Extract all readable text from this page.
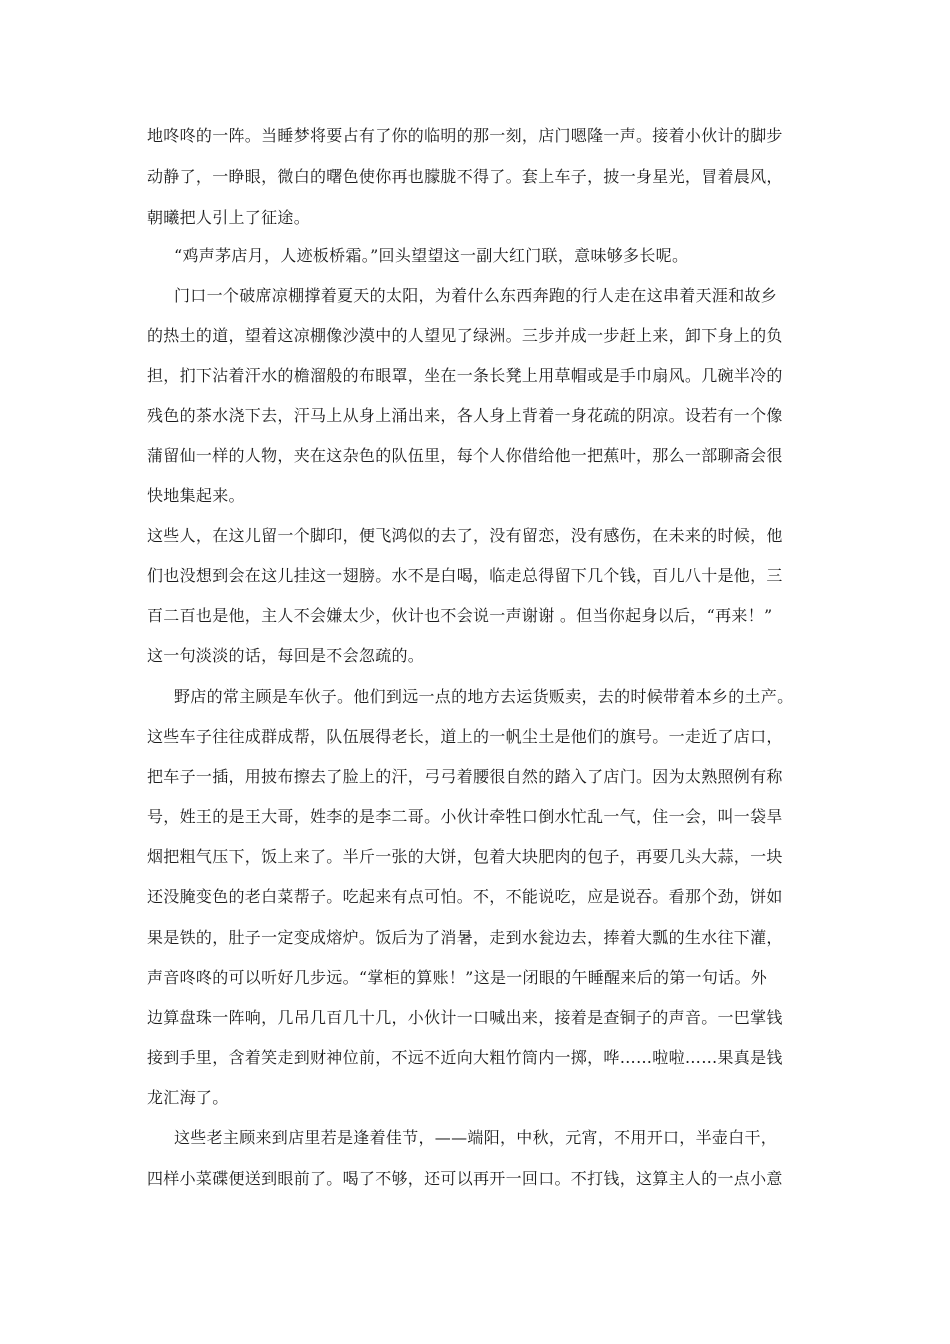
地咚咚的一阵。当睡梦将要占有了你的临明的那一刻，店门嗯隆一声。接着小伙计的脚步
动静了，一睁眼，微白的曙色使你再也朦胧不得了。套上车子，披一身星光，冒着晨风，
朝曦把人引上了征途。
“鸡声茅店月，人迹板桥霜。”回头望望这一副大红门联，意味够多长呢。
门口一个破席凉棚撑着夏天的太阳，为着什么东西奔跑的行人走在这串着天涯和故乡
的热土的道，望着这凉棚像沙漠中的人望见了绿洲。三步并成一步赶上来，卸下身上的负
担，扪下沾着汗水的檐溜般的布眼罩，坐在一条长凳上用草帽或是手巾扇风。几碗半冷的
残色的茶水浇下去，汗马上从身上涌出来，各人身上背着一身花疏的阴凉。设若有一个像
蒲留仙一样的人物，夹在这杂色的队伍里，每个人你借给他一把蕉叶，那么一部聊斋会很
快地集起来。
这些人，在这儿留一个脚印，便飞鸿似的去了，没有留恋，没有感伤，在未来的时候，他
们也没想到会在这儿挂这一翅膀。水不是白喝，临走总得留下几个钱，百儿八十是他，三
百二百也是他，主人不会嫌太少，伙计也不会说一声谢谢 。但当你起身以后，“再来！”
这一句淡淡的话，每回是不会忽疏的。
野店的常主顾是车伙子。他们到远一点的地方去运货贩卖，去的时候带着本乡的土产。
这些车子往往成群成帮，队伍展得老长，道上的一帆尘土是他们的旗号。一走近了店口，
把车子一插，用披布擦去了脸上的汗，弓弓着腰很自然的踏入了店门。因为太熟照例有称
号，姓王的是王大哥，姓李的是李二哥。小伙计牵牲口倒水忙乱一气，住一会，叫一袋旱
烟把粗气压下，饭上来了。半斤一张的大饼，包着大块肥肉的包子，再要几头大蒜，一块
还没腌变色的老白菜帮子。吃起来有点可怕。不，不能说吃，应是说吞。看那个劲，饼如
果是铁的，肚子一定变成熔炉。饭后为了消暑，走到水瓮边去，捧着大瓢的生水往下灌，
声音咚咚的可以听好几步远。“掌柜的算账！”这是一闭眼的午睡醒来后的第一句话。外
边算盘珠一阵响，几吊几百几十几，小伙计一口喊出来，接着是查铜子的声音。一巴掌钱
接到手里，含着笑走到财神位前，不远不近向大粗竹筒内一掷，哗……啦啦……果真是钱
龙汇海了。
这些老主顾来到店里若是逢着佳节，——端阳，中秋，元宵，不用开口，半壶白干，
四样小菜碟便送到眼前了。喝了不够，还可以再开一回口。不打钱，这算主人的一点小意
